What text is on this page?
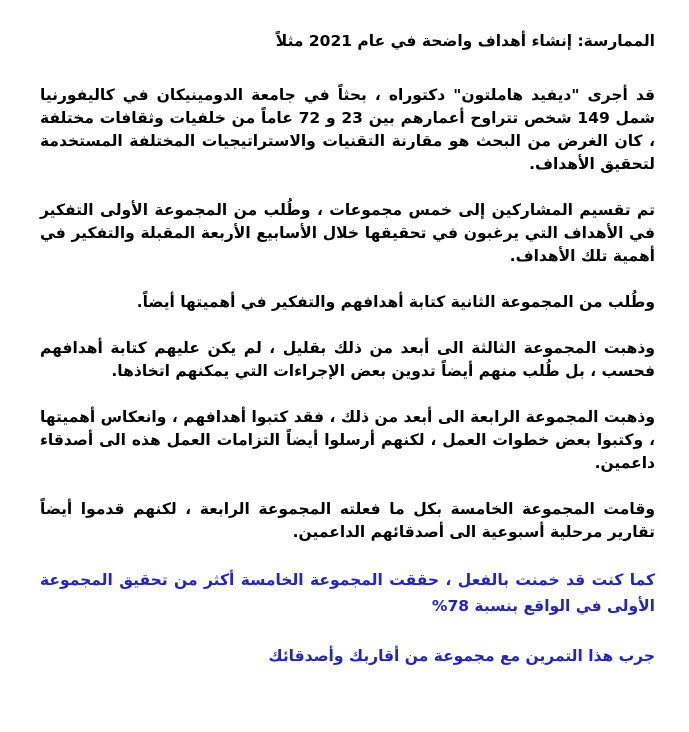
الممارسة: إنشاء أهداف واضحة في عام 2021 مثلاً

قد أجرى "ديفيد هاملتون" دكتوراه ، بحثاً في جامعة الدومينيكان في كاليفورنيا شمل 149 شخص تتراوح أعمارهم بين 23 و 72 عاماً من خلفيات وثقافات مختلفة ، كان الغرض من البحث هو مقارنة التقنيات والاستراتيجيات المختلفة المستخدمة لتحقيق الأهداف.

تم تقسيم المشاركين إلى خمس مجموعات ، وطُلب من المجموعة الأولى التفكير في الأهداف التي يرغبون في تحقيقها خلال الأسابيع الأربعة المقبلة والتفكير في أهمية تلك الأهداف.

وطُلب من المجموعة الثانية كتابة أهدافهم والتفكير في أهميتها أيضاً.

وذهبت المجموعة الثالثة الى أبعد من ذلك بقليل ، لم يكن عليهم كتابة أهدافهم فحسب ، بل طُلب منهم أيضاً تدوين بعض الإجراءات التي يمكنهم اتخاذها.

وذهبت المجموعة الرابعة الى أبعد من ذلك ، فقد كتبوا أهدافهم ، وانعكاس أهميتها ، وكتبوا بعض خطوات العمل ، لكنهم أرسلوا أيضاً التزامات العمل هذه الى أصدقاء داعمين.

وقامت المجموعة الخامسة بكل ما فعلته المجموعة الرابعة ، لكنهم قدموا أيضاً تقارير مرحلية أسبوعية الى أصدقائهم الداعمين.

كما كنت قد خمنت بالفعل ، حققت المجموعة الخامسة أكثر من تحقيق المجموعة الأولى في الواقع بنسبة 78%

جرب هذا التمرين مع مجموعة من أقاربك وأصدقائك
